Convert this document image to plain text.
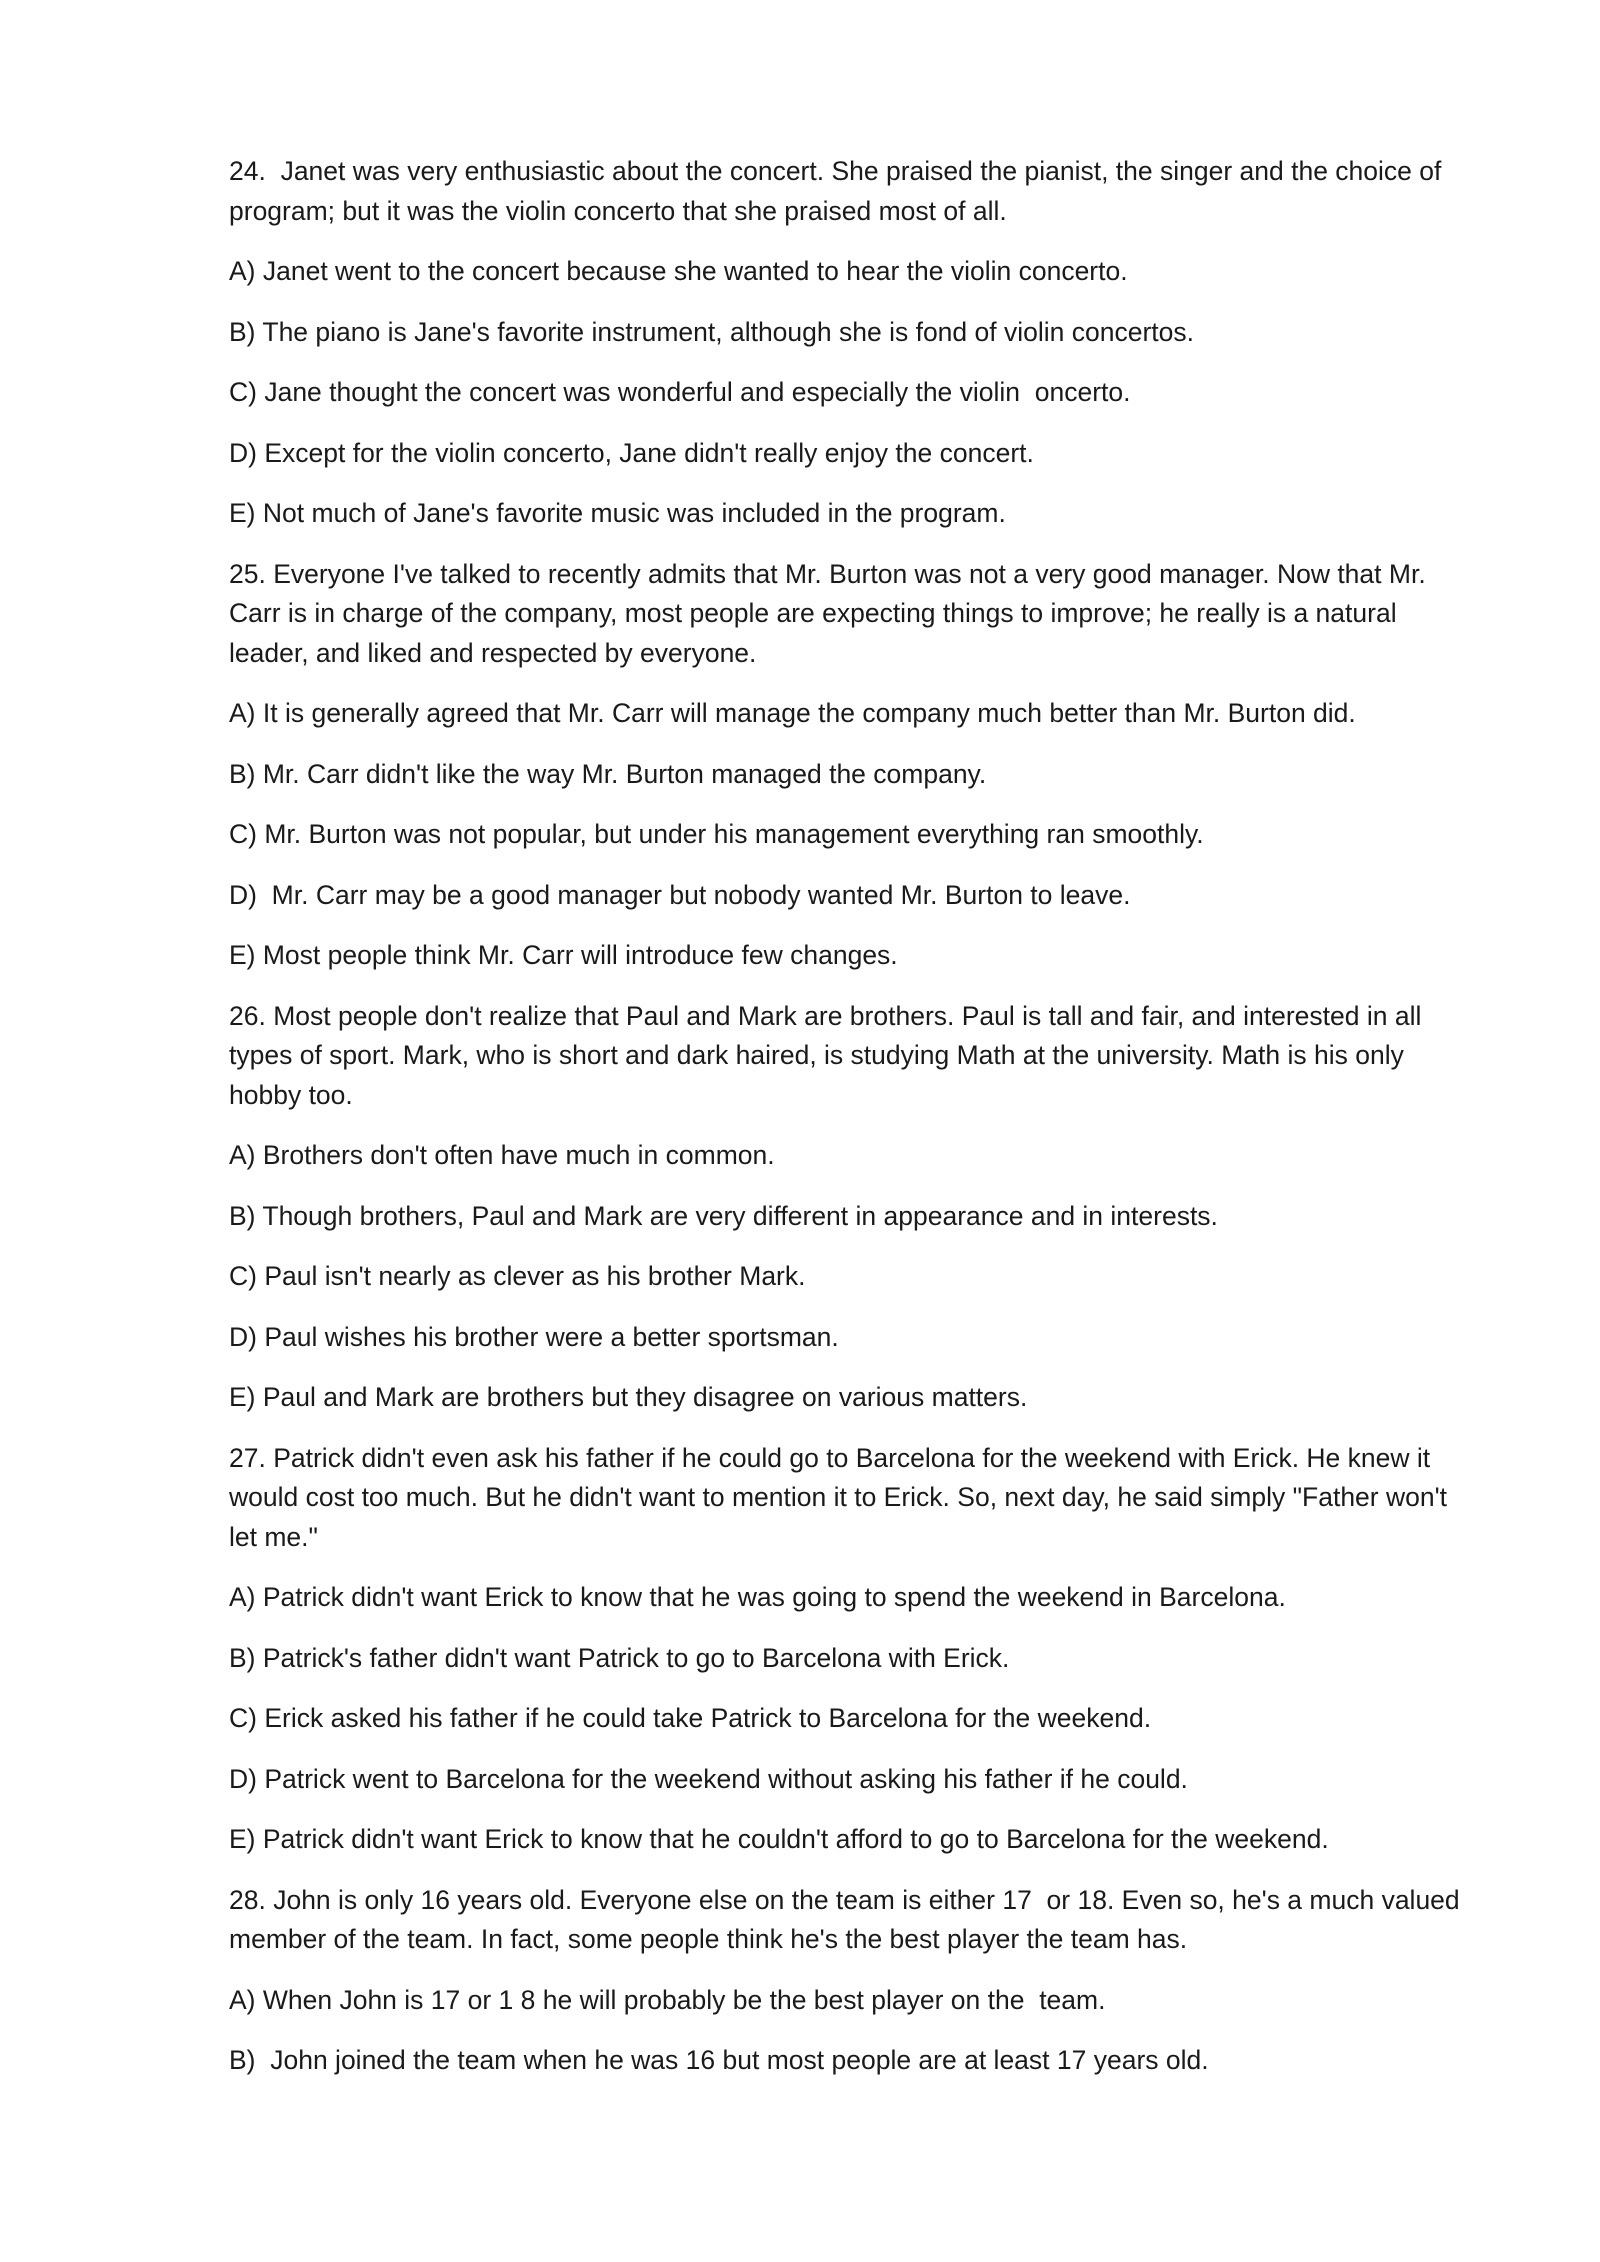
24.  Janet was very enthusiastic about the concert. She praised the pianist, the singer and the choice of program; but it was the violin concerto that she praised most of all.

A) Janet went to the concert because she wanted to hear the violin concerto.

B) The piano is Jane's favorite instrument, although she is fond of violin concertos.

C) Jane thought the concert was wonderful and especially the violin  oncerto.

D) Except for the violin concerto, Jane didn't really enjoy the concert.

E) Not much of Jane's favorite music was included in the program.

25. Everyone I've talked to recently admits that Mr. Burton was not a very good manager. Now that Mr. Carr is in charge of the company, most people are expecting things to improve; he really is a natural leader, and liked and respected by everyone.

A) It is generally agreed that Mr. Carr will manage the company much better than Mr. Burton did.

B) Mr. Carr didn't like the way Mr. Burton managed the company.

C) Mr. Burton was not popular, but under his management everything ran smoothly.

D)  Mr. Carr may be a good manager but nobody wanted Mr. Burton to leave.

E) Most people think Mr. Carr will introduce few changes.

26. Most people don't realize that Paul and Mark are brothers. Paul is tall and fair, and interested in all types of sport. Mark, who is short and dark haired, is studying Math at the university. Math is his only hobby too.

A) Brothers don't often have much in common.

B) Though brothers, Paul and Mark are very different in appearance and in interests.

C) Paul isn't nearly as clever as his brother Mark.

D) Paul wishes his brother were a better sportsman.

E) Paul and Mark are brothers but they disagree on various matters.

27. Patrick didn't even ask his father if he could go to Barcelona for the weekend with Erick. He knew it would cost too much. But he didn't want to mention it to Erick. So, next day, he said simply "Father won't let me."

A) Patrick didn't want Erick to know that he was going to spend the weekend in Barcelona.

B) Patrick's father didn't want Patrick to go to Barcelona with Erick.

C) Erick asked his father if he could take Patrick to Barcelona for the weekend.

D) Patrick went to Barcelona for the weekend without asking his father if he could.

E) Patrick didn't want Erick to know that he couldn't afford to go to Barcelona for the weekend.

28. John is only 16 years old. Everyone else on the team is either 17  or 18. Even so, he's a much valued member of the team. In fact, some people think he's the best player the team has.

A) When John is 17 or 1 8 he will probably be the best player on the  team.

B)  John joined the team when he was 16 but most people are at least 17 years old.
